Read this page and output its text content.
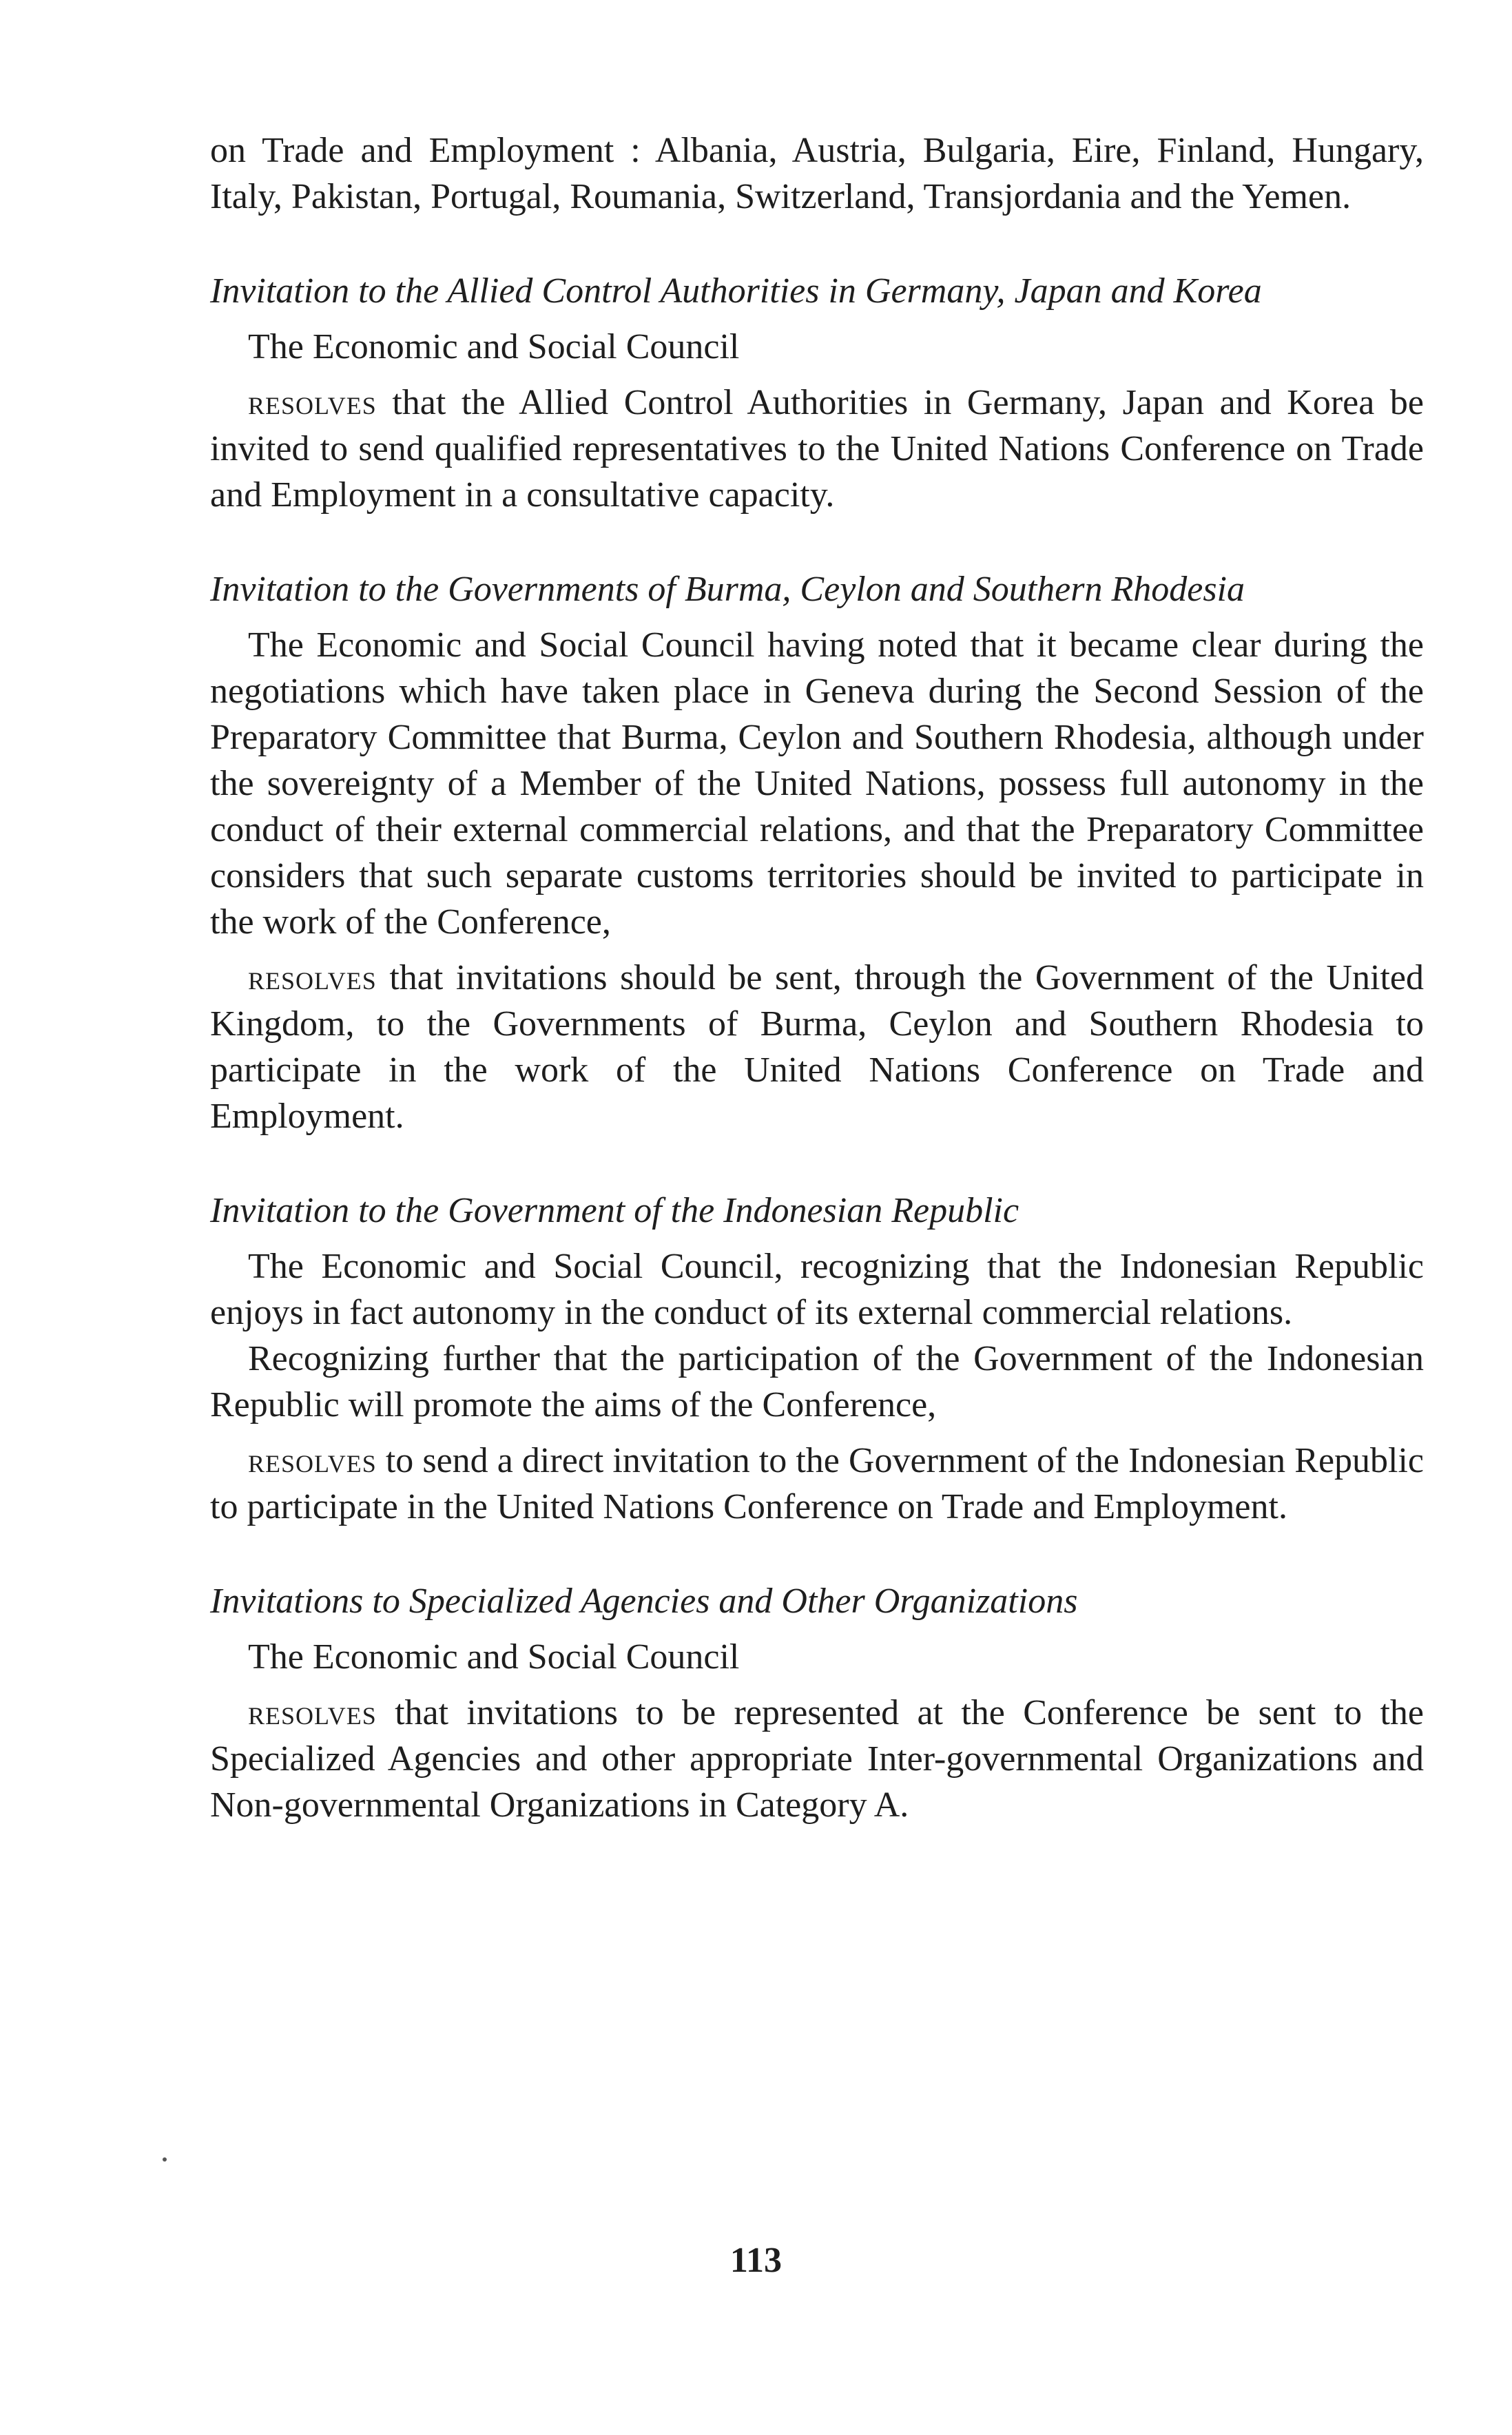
on Trade and Employment : Albania, Austria, Bulgaria, Eire, Finland, Hungary, Italy, Pakistan, Portugal, Roumania, Switzerland, Transjordania and the Yemen.

Invitation to the Allied Control Authorities in Germany, Japan and Korea

The Economic and Social Council

resolves that the Allied Control Authorities in Germany, Japan and Korea be invited to send qualified representatives to the United Nations Conference on Trade and Employment in a consultative capacity.

Invitation to the Governments of Burma, Ceylon and Southern Rhodesia

The Economic and Social Council having noted that it became clear during the negotiations which have taken place in Geneva during the Second Session of the Preparatory Committee that Burma, Ceylon and Southern Rhodesia, although under the sovereignty of a Member of the United Nations, possess full autonomy in the conduct of their external commercial relations, and that the Preparatory Committee considers that such separate customs territories should be invited to participate in the work of the Conference,

resolves that invitations should be sent, through the Government of the United Kingdom, to the Governments of Burma, Ceylon and Southern Rhodesia to participate in the work of the United Nations Conference on Trade and Employment.

Invitation to the Government of the Indonesian Republic

The Economic and Social Council, recognizing that the Indonesian Republic enjoys in fact autonomy in the conduct of its external commercial relations.

Recognizing further that the participation of the Government of the Indonesian Republic will promote the aims of the Conference,

resolves to send a direct invitation to the Government of the Indonesian Republic to participate in the United Nations Conference on Trade and Employment.

Invitations to Specialized Agencies and Other Organizations

The Economic and Social Council

resolves that invitations to be represented at the Conference be sent to the Specialized Agencies and other appropriate Inter-governmental Organizations and Non-governmental Organizations in Category A.

113
